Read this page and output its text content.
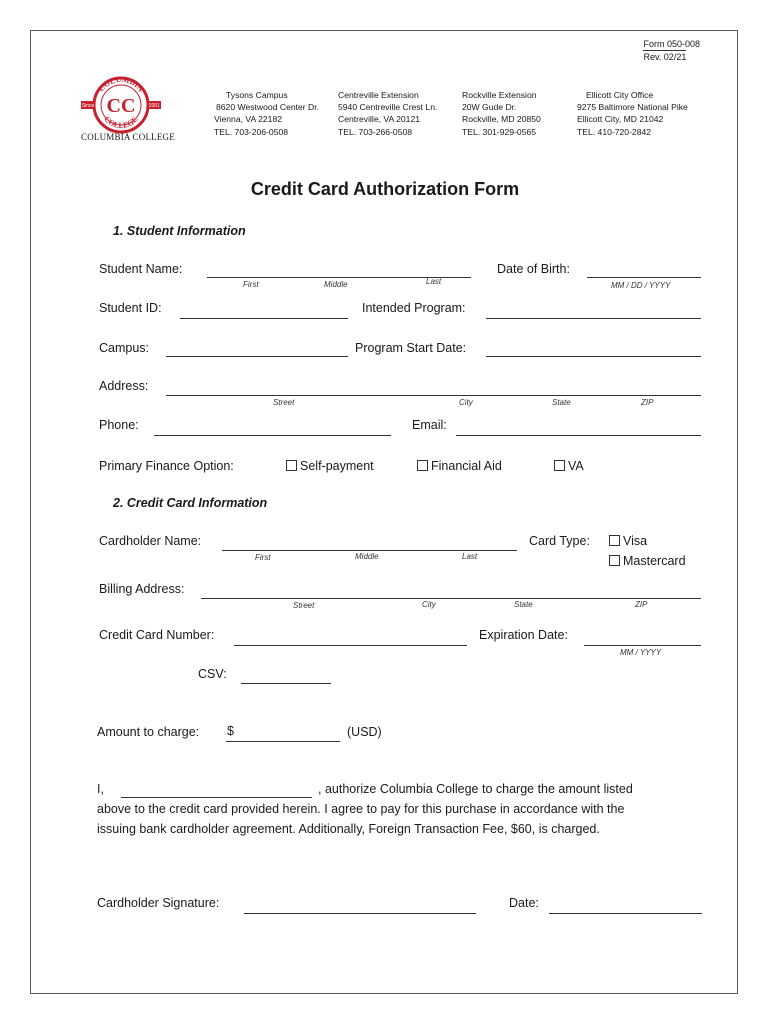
Form 050-008
Rev. 02/21
COLUMBIA
COLLEGE
CC
Since	1991
COLUMBIA COLLEGE
Tysons Campus
8620 Westwood Center Dr.
Vienna, VA 22182
TEL. 703-206-0508
Centreville Extension
5940 Centreville Crest Ln.
Centreville, VA 20121
TEL. 703-266-0508
Rockville Extension
20W Gude Dr.
Rockville, MD 20850
TEL. 301-929-0565
Ellicott City Office
9275 Baltimore National Pike
Ellicott City, MD 21042
TEL. 410-720-2842
Credit Card Authorization Form
1. Student Information
Student Name:
First	Middle	Last
Date of Birth:
MM / DD / YYYY
Student ID:	Intended Program:
Campus:	Program Start Date:
Address:
Street	City	State	ZIP
Phone:	Email:
Primary Finance Option:	Self-payment	Financial Aid	VA
2. Credit Card Information
Cardholder Name:
First	Middle	Last
Card Type:	Visa
Mastercard
Billing Address:
Street	City	State	ZIP
Credit Card Number:	Expiration Date:
MM / YYYY
CSV:
Amount to charge: $	(USD)
I,	, authorize Columbia College to charge the amount listed
above to the credit card provided herein. I agree to pay for this purchase in accordance with the
issuing bank cardholder agreement. Additionally, Foreign Transaction Fee, $60, is charged.
Cardholder Signature:	Date:
